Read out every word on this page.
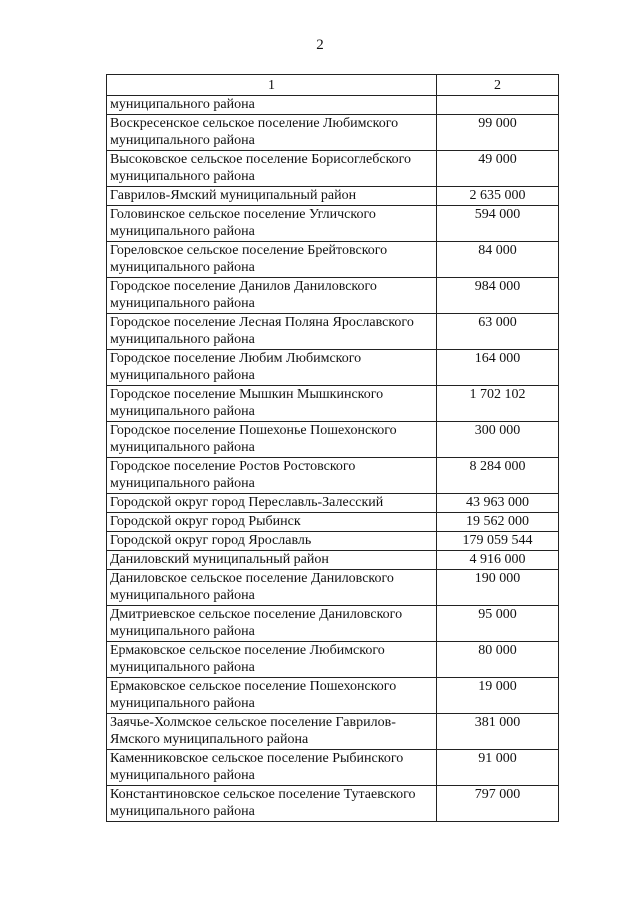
2
1	2
муниципального района	
Воскресенское сельское поселение Любимского муниципального района	99 000
Высоковское сельское поселение Борисоглебского муниципального района	49 000
Гаврилов-Ямский муниципальный район	2 635 000
Головинское сельское поселение Угличского муниципального района	594 000
Гореловское сельское поселение Брейтовского муниципального района	84 000
Городское поселение Данилов Даниловского муниципального района	984 000
Городское поселение Лесная Поляна Ярославского муниципального района	63 000
Городское поселение Любим Любимского муниципального района	164 000
Городское поселение Мышкин Мышкинского муниципального района	1 702 102
Городское поселение Пошехонье Пошехонского муниципального района	300 000
Городское поселение Ростов Ростовского муниципального района	8 284 000
Городской округ город Переславль-Залесский	43 963 000
Городской округ город Рыбинск	19 562 000
Городской округ город Ярославль	179 059 544
Даниловский муниципальный район	4 916 000
Даниловское сельское поселение Даниловского муниципального района	190 000
Дмитриевское сельское поселение Даниловского муниципального района	95 000
Ермаковское сельское поселение Любимского муниципального района	80 000
Ермаковское сельское поселение Пошехонского муниципального района	19 000
Заячье-Холмское сельское поселение Гаврилов-Ямского муниципального района	381 000
Каменниковское сельское поселение Рыбинского муниципального района	91 000
Константиновское сельское поселение Тутаевского муниципального района	797 000
